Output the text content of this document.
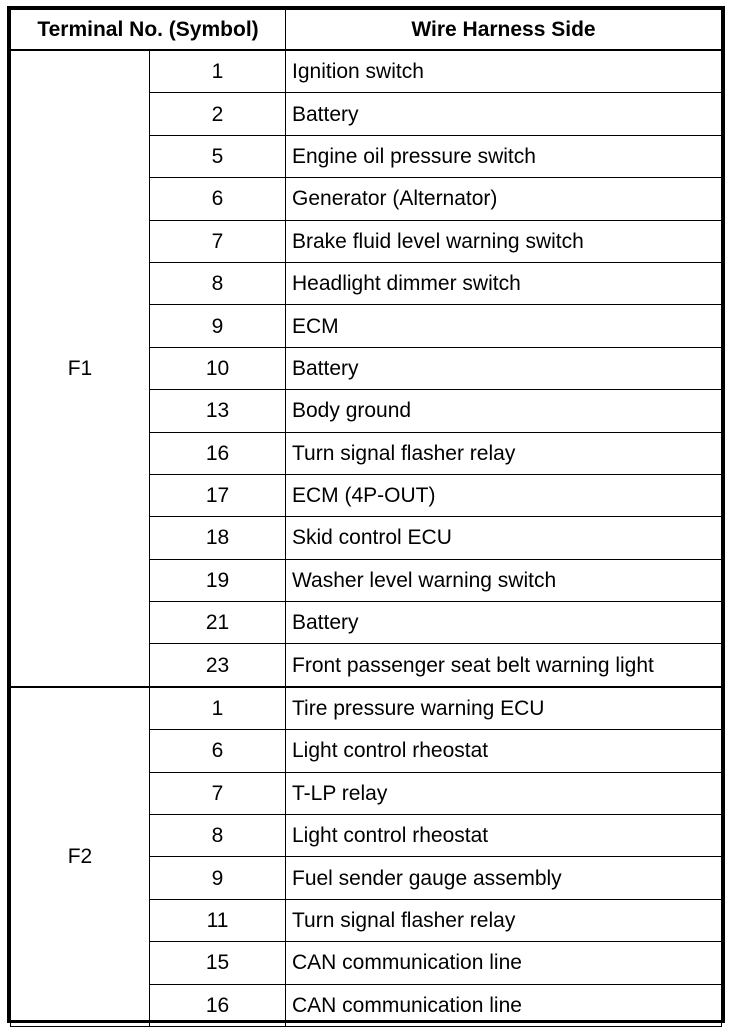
Terminal No. (Symbol)		Wire Harness Side
F1	1	Ignition switch
	2	Battery
	5	Engine oil pressure switch
	6	Generator (Alternator)
	7	Brake fluid level warning switch
	8	Headlight dimmer switch
	9	ECM
	10	Battery
	13	Body ground
	16	Turn signal flasher relay
	17	ECM (4P-OUT)
	18	Skid control ECU
	19	Washer level warning switch
	21	Battery
	23	Front passenger seat belt warning light
F2	1	Tire pressure warning ECU
	6	Light control rheostat
	7	T-LP relay
	8	Light control rheostat
	9	Fuel sender gauge assembly
	11	Turn signal flasher relay
	15	CAN communication line
	16	CAN communication line
